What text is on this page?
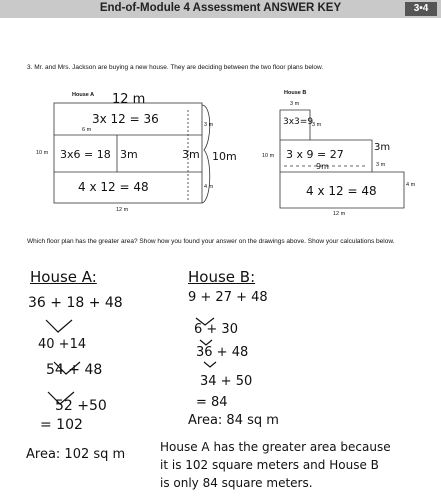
End-of-Module 4 Assessment ANSWER KEY	3•4
3. Mr. and Mrs. Jackson are buying a new house. They are deciding between the two floor plans below.
House A 12 m
3x 12 = 36
6 m
3 m
10 m 3x6 = 18 3m	3m 10m
4 m
4 x 12 = 48
12 m
House B
3 m
3x3=9
3 m
10 m 3 x 9 = 27
9m
3m
3 m
4 m
4 x 12 = 48
12 m
Which floor plan has the greater area? Show how you found your answer on the drawings above. Show your calculations below.
House A:
36 + 18 + 48
40 +14
54 + 48
52 +50
= 102
Area: 102 sq m
House B:
9 + 27 + 48
6 + 30
36 + 48
34 + 50
= 84
Area: 84 sq m
House A has the greater area because
it is 102 square meters and House B
is only 84 square meters.
